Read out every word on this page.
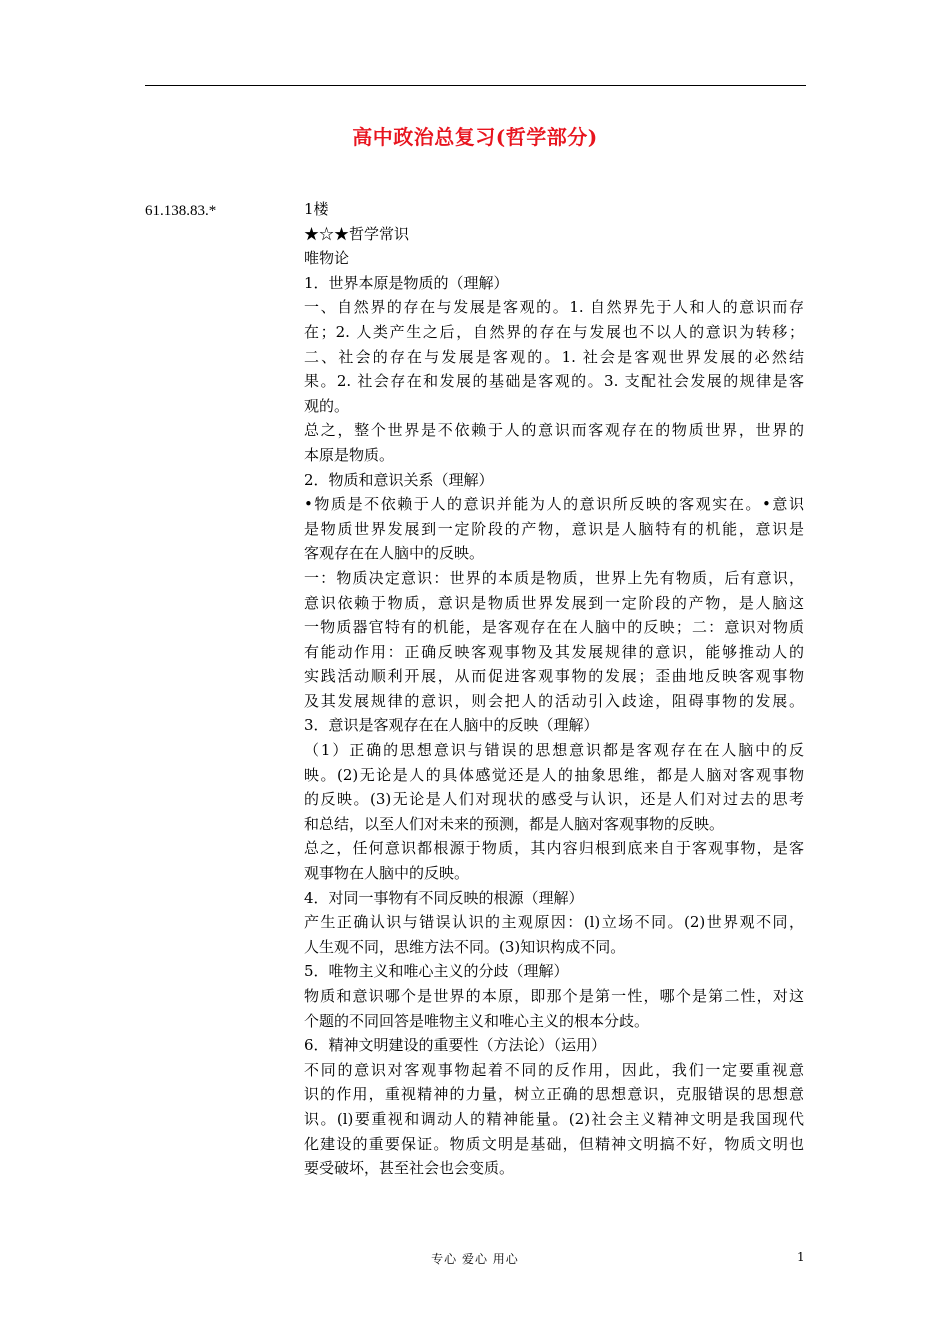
高中政治总复习(哲学部分)
61.138.83.*	1楼
★☆★哲学常识
唯物论
1．世界本原是物质的（理解）
一、自然界的存在与发展是客观的。1. 自然界先于人和人的意识而存
在；2. 人类产生之后，自然界的存在与发展也不以人的意识为转移；
二、社会的存在与发展是客观的。1. 社会是客观世界发展的必然结
果。2. 社会存在和发展的基础是客观的。3. 支配社会发展的规律是客
观的。
总之，整个世界是不依赖于人的意识而客观存在的物质世界，世界的
本原是物质。
2．物质和意识关系（理解）
•物质是不依赖于人的意识并能为人的意识所反映的客观实在。•意识
是物质世界发展到一定阶段的产物，意识是人脑特有的机能，意识是
客观存在在人脑中的反映。
一：物质决定意识：世界的本质是物质，世界上先有物质，后有意识，
意识依赖于物质，意识是物质世界发展到一定阶段的产物，是人脑这
一物质器官特有的机能，是客观存在在人脑中的反映；二：意识对物质
有能动作用：正确反映客观事物及其发展规律的意识，能够推动人的
实践活动顺利开展，从而促进客观事物的发展；歪曲地反映客观事物
及其发展规律的意识，则会把人的活动引入歧途，阻碍事物的发展。
3．意识是客观存在在人脑中的反映（理解）
（1）正确的思想意识与错误的思想意识都是客观存在在人脑中的反
映。(2)无论是人的具体感觉还是人的抽象思维，都是人脑对客观事物
的反映。(3)无论是人们对现状的感受与认识，还是人们对过去的思考
和总结，以至人们对未来的预测，都是人脑对客观事物的反映。
总之，任何意识都根源于物质，其内容归根到底来自于客观事物，是客
观事物在人脑中的反映。
4．对同一事物有不同反映的根源（理解）
产生正确认识与错误认识的主观原因：(l)立场不同。(2)世界观不同，
人生观不同，思维方法不同。(3)知识构成不同。
5．唯物主义和唯心主义的分歧（理解）
物质和意识哪个是世界的本原，即那个是第一性，哪个是第二性，对这
个题的不同回答是唯物主义和唯心主义的根本分歧。
6．精神文明建设的重要性（方法论）（运用）
不同的意识对客观事物起着不同的反作用，因此，我们一定要重视意
识的作用，重视精神的力量，树立正确的思想意识，克服错误的思想意
识。(l)要重视和调动人的精神能量。(2)社会主义精神文明是我国现代
化建设的重要保证。物质文明是基础，但精神文明搞不好，物质文明也
要受破坏，甚至社会也会变质。
专心 爱心 用心	1
